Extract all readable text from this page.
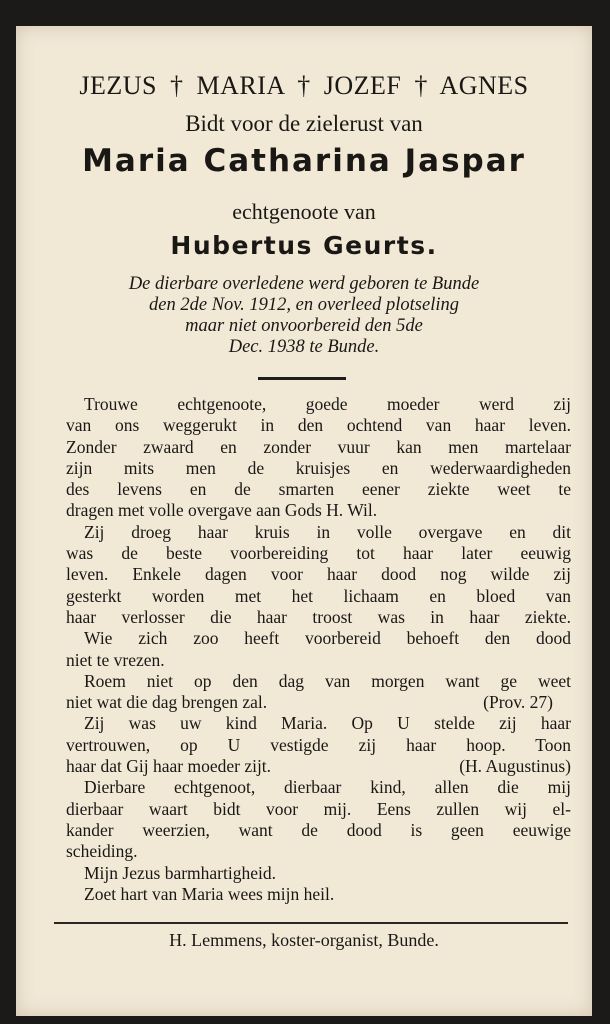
JEZUS † MARIA † JOZEF † AGNES
Bidt voor de zielerust van
Maria Catharina Jaspar
echtgenoote van
Hubertus Geurts.
De dierbare overledene werd geboren te Bunde
den 2de Nov. 1912, en overleed plotseling
maar niet onvoorbereid den 5de
Dec. 1938 te Bunde.
Trouwe echtgenoote, goede moeder werd zij
van ons weggerukt in den ochtend van haar leven.
Zonder zwaard en zonder vuur kan men martelaar
zijn mits men de kruisjes en wederwaardigheden
des levens en de smarten eener ziekte weet te
dragen met volle overgave aan Gods H. Wil.
Zij droeg haar kruis in volle overgave en dit
was de beste voorbereiding tot haar later eeuwig
leven. Enkele dagen voor haar dood nog wilde zij
gesterkt worden met het lichaam en bloed van
haar verlosser die haar troost was in haar ziekte.
Wie zich zoo heeft voorbereid behoeft den dood
niet te vrezen.
Roem niet op den dag van morgen want ge weet
niet wat die dag brengen zal.	(Prov. 27)
Zij was uw kind Maria. Op U stelde zij haar
vertrouwen, op U vestigde zij haar hoop. Toon
haar dat Gij haar moeder zijt.	(H. Augustinus)
Dierbare echtgenoot, dierbaar kind, allen die mij
dierbaar waart bidt voor mij. Eens zullen wij el-
kander weerzien, want de dood is geen eeuwige
scheiding.
Mijn Jezus barmhartigheid.
Zoet hart van Maria wees mijn heil.
H. Lemmens, koster-organist, Bunde.
